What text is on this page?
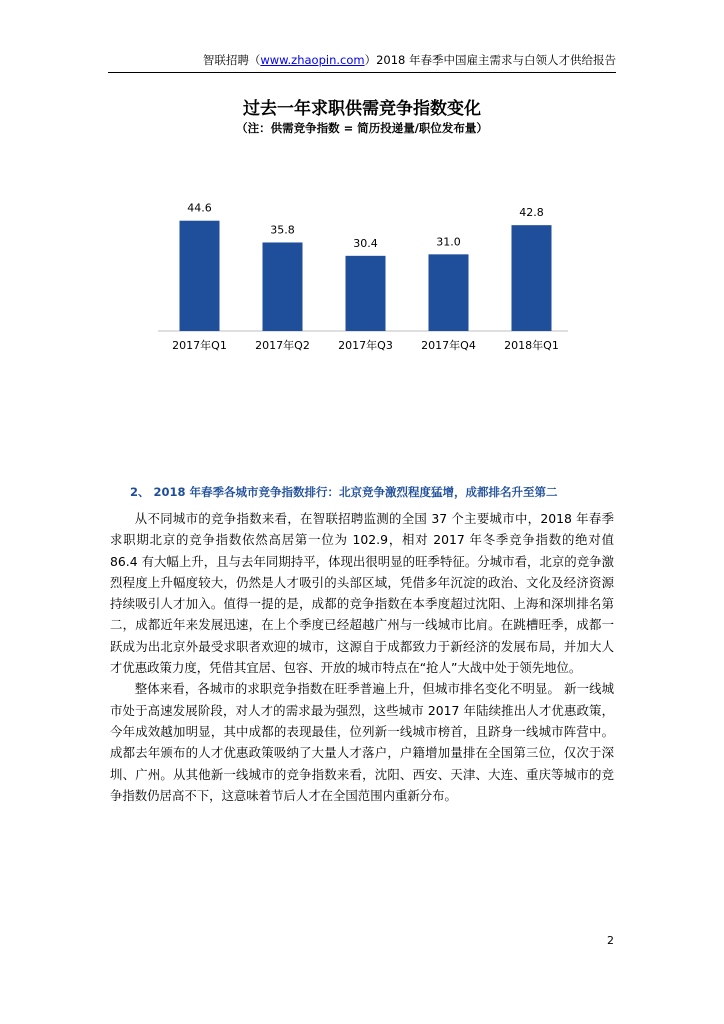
智联招聘（www.zhaopin.com）2018 年春季中国雇主需求与白领人才供给报告
过去一年求职供需竞争指数变化
（注：供需竞争指数 = 简历投递量/职位发布量）
44.6
2017年Q1
35.8
2017年Q2
30.4
2017年Q3
31.0
2017年Q4
42.8
2018年Q1
2、 2018 年春季各城市竞争指数排行：北京竞争激烈程度猛增，成都排名升至第二

从不同城市的竞争指数来看，在智联招聘监测的全国 37 个主要城市中，2018 年春季求职期北京的竞争指数依然高居第一位为 102.9，相对 2017 年冬季竞争指数的绝对值 86.4 有大幅上升，且与去年同期持平，体现出很明显的旺季特征。分城市看，北京的竞争激烈程度上升幅度较大，仍然是人才吸引的头部区域，凭借多年沉淀的政治、文化及经济资源持续吸引人才加入。值得一提的是，成都的竞争指数在本季度超过沈阳、上海和深圳排名第二，成都近年来发展迅速，在上个季度已经超越广州与一线城市比肩。在跳槽旺季，成都一跃成为出北京外最受求职者欢迎的城市，这源自于成都致力于新经济的发展布局，并加大人才优惠政策力度，凭借其宜居、包容、开放的城市特点在“抢人”大战中处于领先地位。

整体来看，各城市的求职竞争指数在旺季普遍上升，但城市排名变化不明显。 新一线城市处于高速发展阶段，对人才的需求最为强烈，这些城市 2017 年陆续推出人才优惠政策，今年成效越加明显，其中成都的表现最佳，位列新一线城市榜首，且跻身一线城市阵营中。成都去年颁布的人才优惠政策吸纳了大量人才落户，户籍增加量排在全国第三位，仅次于深圳、广州。从其他新一线城市的竞争指数来看，沈阳、西安、天津、大连、重庆等城市的竞争指数仍居高不下，这意味着节后人才在全国范围内重新分布。

2
